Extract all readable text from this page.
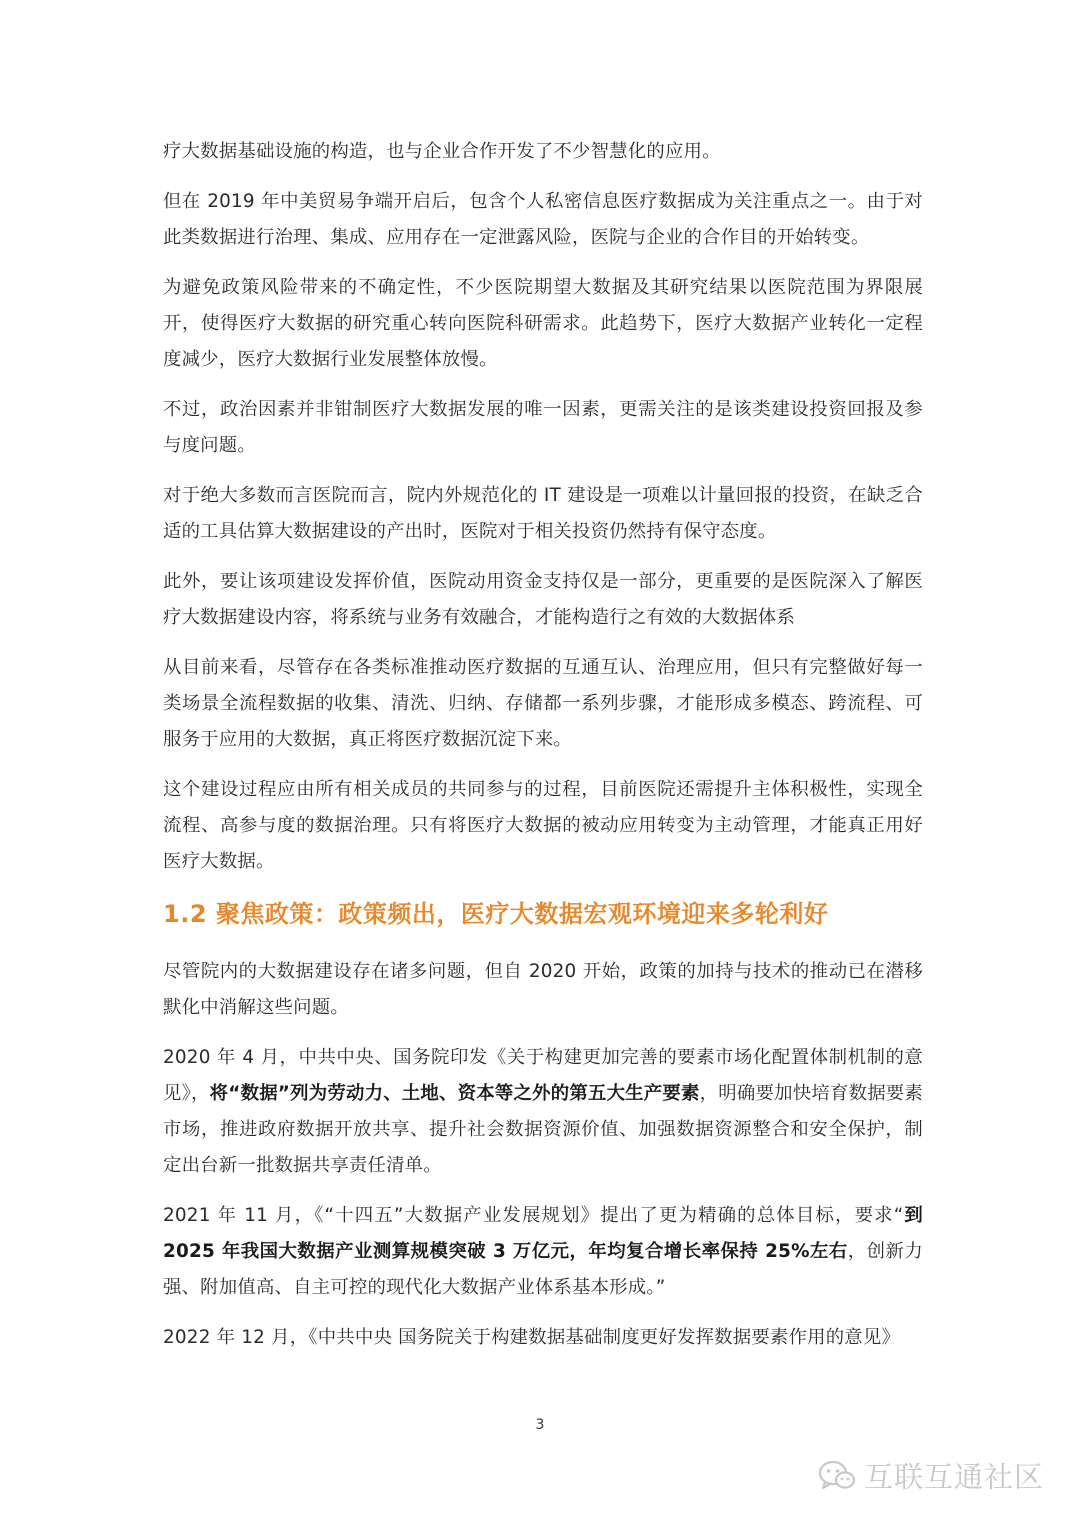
疗大数据基础设施的构造，也与企业合作开发了不少智慧化的应用。

但在 2019 年中美贸易争端开启后，包含个人私密信息医疗数据成为关注重点之一。由于对此类数据进行治理、集成、应用存在一定泄露风险，医院与企业的合作目的开始转变。

为避免政策风险带来的不确定性，不少医院期望大数据及其研究结果以医院范围为界限展开，使得医疗大数据的研究重心转向医院科研需求。此趋势下，医疗大数据产业转化一定程度减少，医疗大数据行业发展整体放慢。

不过，政治因素并非钳制医疗大数据发展的唯一因素，更需关注的是该类建设投资回报及参与度问题。

对于绝大多数而言医院而言，院内外规范化的 IT 建设是一项难以计量回报的投资，在缺乏合适的工具估算大数据建设的产出时，医院对于相关投资仍然持有保守态度。

此外，要让该项建设发挥价值，医院动用资金支持仅是一部分，更重要的是医院深入了解医疗大数据建设内容，将系统与业务有效融合，才能构造行之有效的大数据体系

从目前来看，尽管存在各类标准推动医疗数据的互通互认、治理应用，但只有完整做好每一类场景全流程数据的收集、清洗、归纳、存储都一系列步骤，才能形成多模态、跨流程、可服务于应用的大数据，真正将医疗数据沉淀下来。

这个建设过程应由所有相关成员的共同参与的过程，目前医院还需提升主体积极性，实现全流程、高参与度的数据治理。只有将医疗大数据的被动应用转变为主动管理，才能真正用好医疗大数据。

1.2 聚焦政策：政策频出，医疗大数据宏观环境迎来多轮利好

尽管院内的大数据建设存在诸多问题，但自 2020 开始，政策的加持与技术的推动已在潜移默化中消解这些问题。

2020 年 4 月，中共中央、国务院印发《关于构建更加完善的要素市场化配置体制机制的意见》，将“数据”列为劳动力、土地、资本等之外的第五大生产要素，明确要加快培育数据要素市场，推进政府数据开放共享、提升社会数据资源价值、加强数据资源整合和安全保护，制定出台新一批数据共享责任清单。

2021 年 11 月，《“十四五”大数据产业发展规划》提出了更为精确的总体目标，要求“到 2025 年我国大数据产业测算规模突破 3 万亿元，年均复合增长率保持 25%左右，创新力强、附加值高、自主可控的现代化大数据产业体系基本形成。”

2022 年 12 月，《中共中央 国务院关于构建数据基础制度更好发挥数据要素作用的意见》

3
互联互通社区
